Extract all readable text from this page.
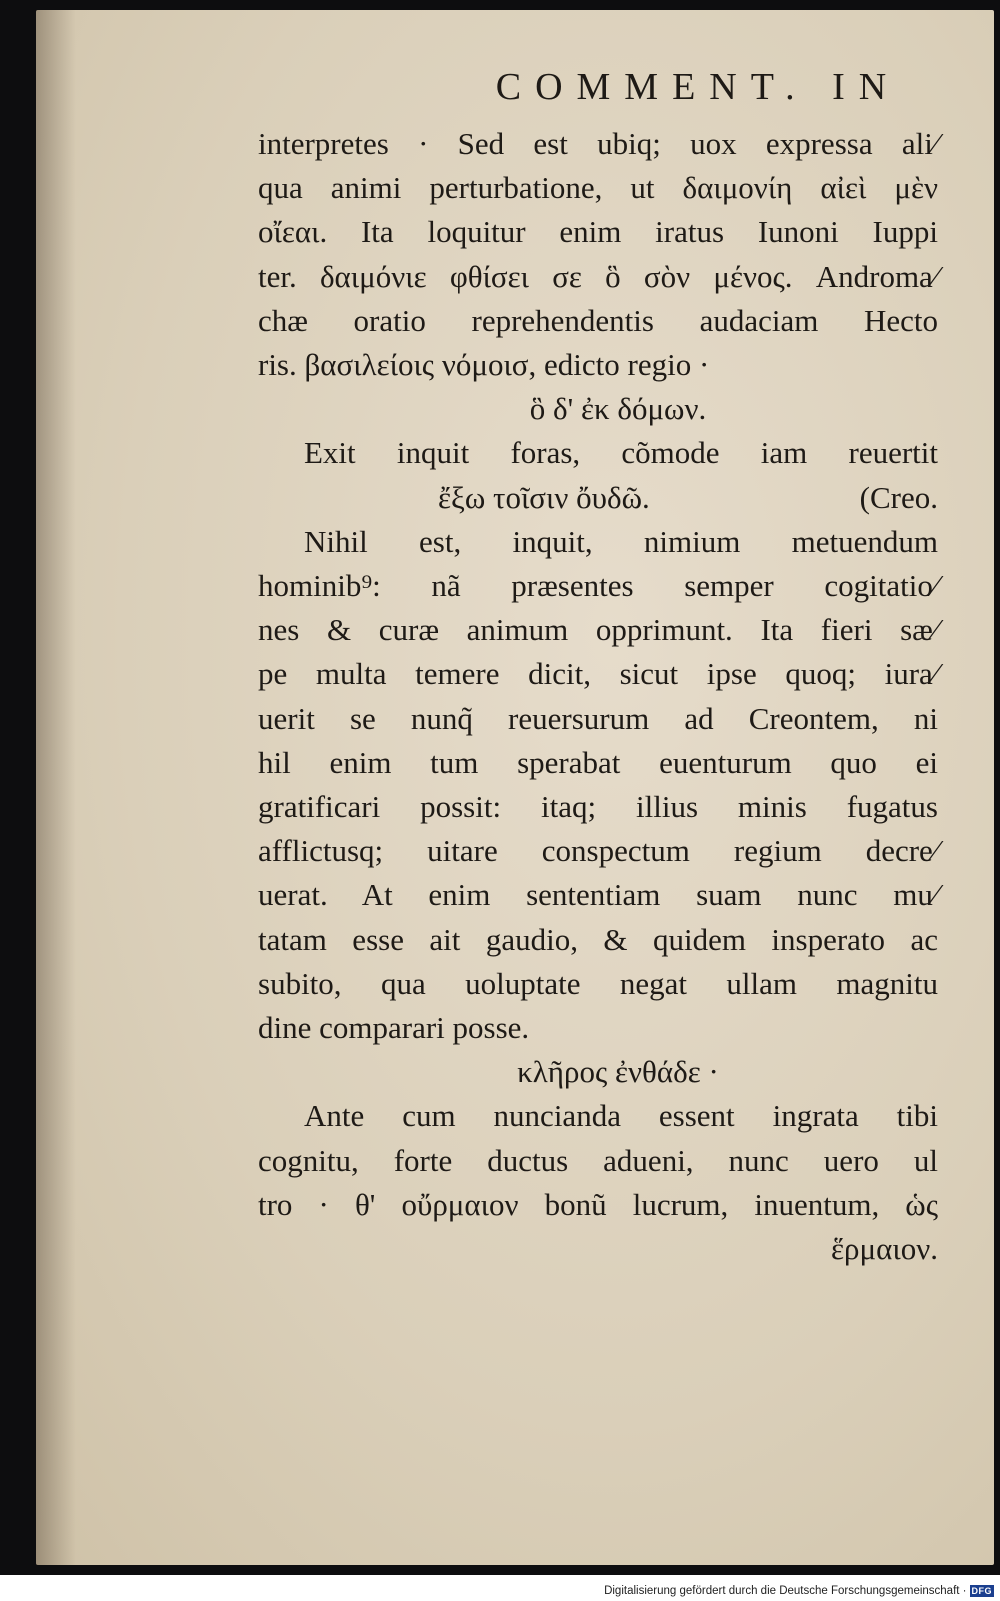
COMMENT. IN
interpretes · Sed est ubiq; uox expressa ali⁄
qua animi perturbatione, ut δαιμονίη αἰεὶ μὲν
οἴεαι. Ita loquitur enim iratus Iunoni Iuppi
ter. δαιμόνιε φθίσει σε ὃ σὸν μένος. Androma⁄
chæ oratio reprehendentis audaciam Hecto
ris. βασιλείοις νόμοισ, edicto regio ·
ὃ δ' ἐκ δόμων.
Exit inquit foras, cõmode iam reuertit
ἔξω τοῖσιν ὄυδῶ.	(Creo.
Nihil est, inquit, nimium metuendum
hominib⁹: nã præsentes semper cogitatio⁄
nes & curæ animum opprimunt. Ita fieri sæ⁄
pe multa temere dicit, sicut ipse quoq; iura⁄
uerit se nunq̃ reuersurum ad Creontem, ni
hil enim tum sperabat euenturum quo ei
gratificari possit: itaq; illius minis fugatus
afflictusq; uitare conspectum regium decre⁄
uerat. At enim sententiam suam nunc mu⁄
tatam esse ait gaudio, & quidem insperato ac
subito, qua uoluptate negat ullam magnitu
dine comparari posse.
κλῆρος ἐνθάδε ·
Ante cum nuncianda essent ingrata tibi
cognitu, forte ductus adueni, nunc uero ul
tro · θ' οὔρμαιον bonũ lucrum, inuentum, ὡς
ἕρμαιον.
Digitalisierung gefördert durch die Deutsche Forschungsgemeinschaft · DFG
